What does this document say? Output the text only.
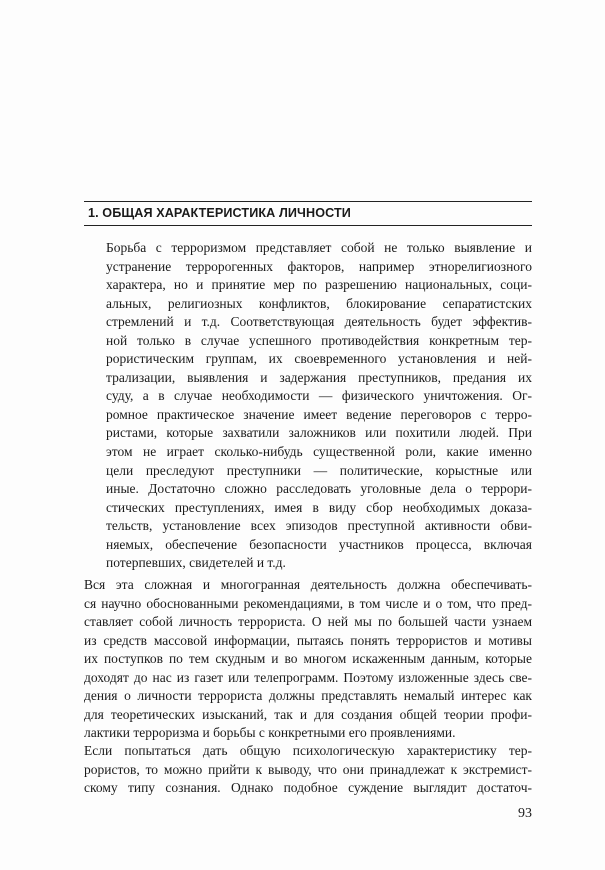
1. ОБЩАЯ ХАРАКТЕРИСТИКА ЛИЧНОСТИ

Борьба с терроризмом представляет собой не только выявление и
устранение терророгенных факторов, например этнорелигиозного
характера, но и принятие мер по разрешению национальных, соци-
альных, религиозных конфликтов, блокирование сепаратистских
стремлений и т.д. Соответствующая деятельность будет эффектив-
ной только в случае успешного противодействия конкретным тер-
рористическим группам, их своевременного установления и ней-
трализации, выявления и задержания преступников, предания их
суду, а в случае необходимости — физического уничтожения. Ог-
ромное практическое значение имеет ведение переговоров с терро-
ристами, которые захватили заложников или похитили людей. При
этом не играет сколько-нибудь существенной роли, какие именно
цели преследуют преступники — политические, корыстные или
иные. Достаточно сложно расследовать уголовные дела о террори-
стических преступлениях, имея в виду сбор необходимых доказа-
тельств, установление всех эпизодов преступной активности обви-
няемых, обеспечение безопасности участников процесса, включая
потерпевших, свидетелей и т.д.

Вся эта сложная и многогранная деятельность должна обеспечивать-
ся научно обоснованными рекомендациями, в том числе и о том, что пред-
ставляет собой личность террориста. О ней мы по большей части узнаем
из средств массовой информации, пытаясь понять террористов и мотивы
их поступков по тем скудным и во многом искаженным данным, которые
доходят до нас из газет или телепрограмм. Поэтому изложенные здесь све-
дения о личности террориста должны представлять немалый интерес как
для теоретических изысканий, так и для создания общей теории профи-
лактики терроризма и борьбы с конкретными его проявлениями.

Если попытаться дать общую психологическую характеристику тер-
рористов, то можно прийти к выводу, что они принадлежат к экстремист-
скому типу сознания. Однако подобное суждение выглядит достаточ-

93
